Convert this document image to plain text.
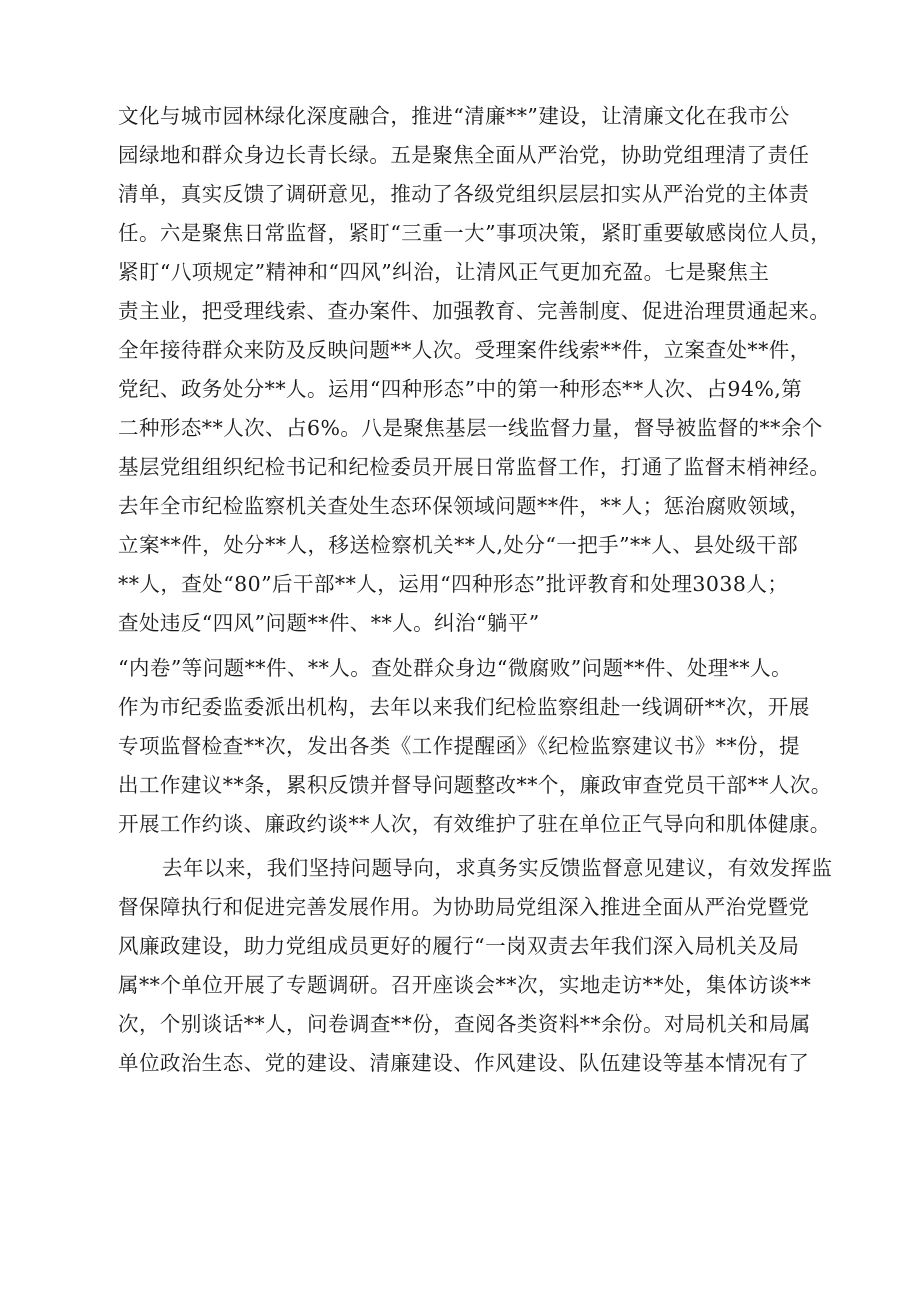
文化与城市园林绿化深度融合，推进“清廉**”建设，让清廉文化在我市公
园绿地和群众身边长青长绿。五是聚焦全面从严治党，协助党组理清了责任
清单，真实反馈了调研意见，推动了各级党组织层层扣实从严治党的主体责
任。六是聚焦日常监督，紧盯“三重一大”事项决策，紧盯重要敏感岗位人员，
紧盯“八项规定”精神和“四风”纠治，让清风正气更加充盈。七是聚焦主
责主业，把受理线索、查办案件、加强教育、完善制度、促进治理贯通起来。
全年接待群众来防及反映问题**人次。受理案件线索**件，立案查处**件，
党纪、政务处分**人。运用“四种形态”中的第一种形态**人次、占94%,第
二种形态**人次、占6%。八是聚焦基层一线监督力量，督导被监督的**余个
基层党组组织纪检书记和纪检委员开展日常监督工作，打通了监督末梢神经。
去年全市纪检监察机关查处生态环保领域问题**件，**人；惩治腐败领域，
立案**件，处分**人，移送检察机关**人,处分“一把手”**人、县处级干部
**人，查处“80”后干部**人，运用“四种形态”批评教育和处理3038人；
查处违反“四风”问题**件、**人。纠治“躺平”
“内卷”等问题**件、**人。查处群众身边“微腐败”问题**件、处理**人。
作为市纪委监委派出机构，去年以来我们纪检监察组赴一线调研**次，开展
专项监督检查**次，发出各类《工作提醒函》《纪检监察建议书》**份，提
出工作建议**条，累积反馈并督导问题整改**个，廉政审查党员干部**人次。
开展工作约谈、廉政约谈**人次，有效维护了驻在单位正气导向和肌体健康。
去年以来，我们坚持问题导向，求真务实反馈监督意见建议，有效发挥监
督保障执行和促进完善发展作用。为协助局党组深入推进全面从严治党暨党
风廉政建设，助力党组成员更好的履行“一岗双责去年我们深入局机关及局
属**个单位开展了专题调研。召开座谈会**次，实地走访**处，集体访谈**
次，个别谈话**人，问卷调查**份，查阅各类资料**余份。对局机关和局属
单位政治生态、党的建设、清廉建设、作风建设、队伍建设等基本情况有了
